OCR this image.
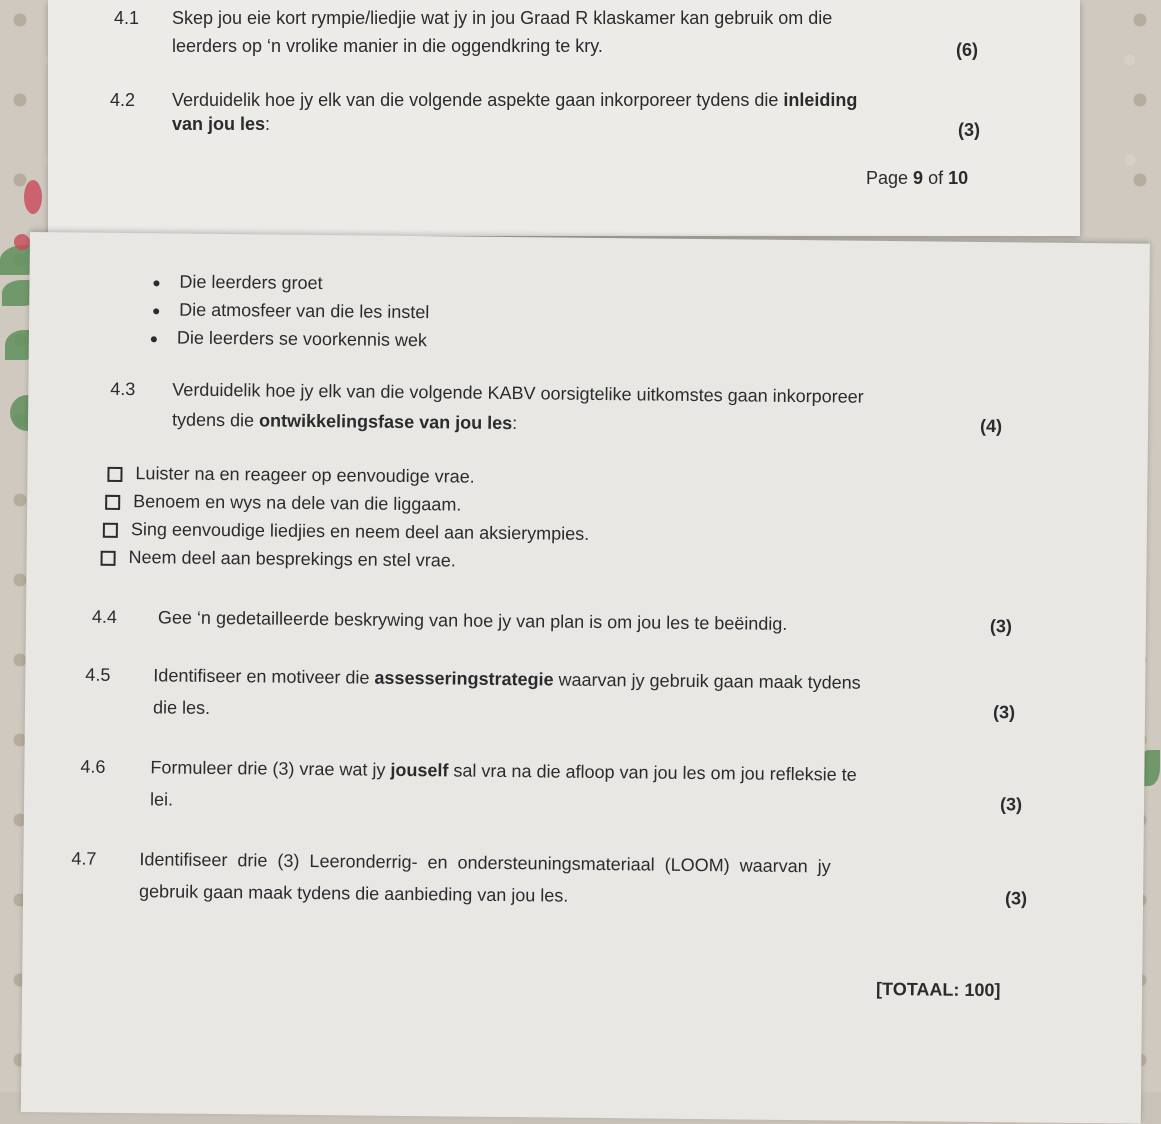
4.1 Skep jou eie kort rympie/liedjie wat jy in jou Graad R klaskamer kan gebruik om die
leerders op ‘n vrolike manier in die oggendkring te kry.	(6)
4.2 Verduidelik hoe jy elk van die volgende aspekte gaan inkorporeer tydens die inleiding
van jou les:	(3)
Page 9 of 10
Die leerders groet
Die atmosfeer van die les instel
Die leerders se voorkennis wek
4.3 Verduidelik hoe jy elk van die volgende KABV oorsigtelike uitkomstes gaan inkorporeer
tydens die ontwikkelingsfase van jou les:	(4)
Luister na en reageer op eenvoudige vrae.
Benoem en wys na dele van die liggaam.
Sing eenvoudige liedjies en neem deel aan aksierympies.
Neem deel aan besprekings en stel vrae.
4.4 Gee ‘n gedetailleerde beskrywing van hoe jy van plan is om jou les te beëindig.	(3)
4.5 Identifiseer en motiveer die assesseringstrategie waarvan jy gebruik gaan maak tydens
die les.	(3)
4.6 Formuleer drie (3) vrae wat jy jouself sal vra na die afloop van jou les om jou refleksie te
lei.	(3)
4.7 Identifiseer drie (3) Leeronderrig- en ondersteuningsmateriaal (LOOM) waarvan jy
gebruik gaan maak tydens die aanbieding van jou les.	(3)
[TOTAAL: 100]
